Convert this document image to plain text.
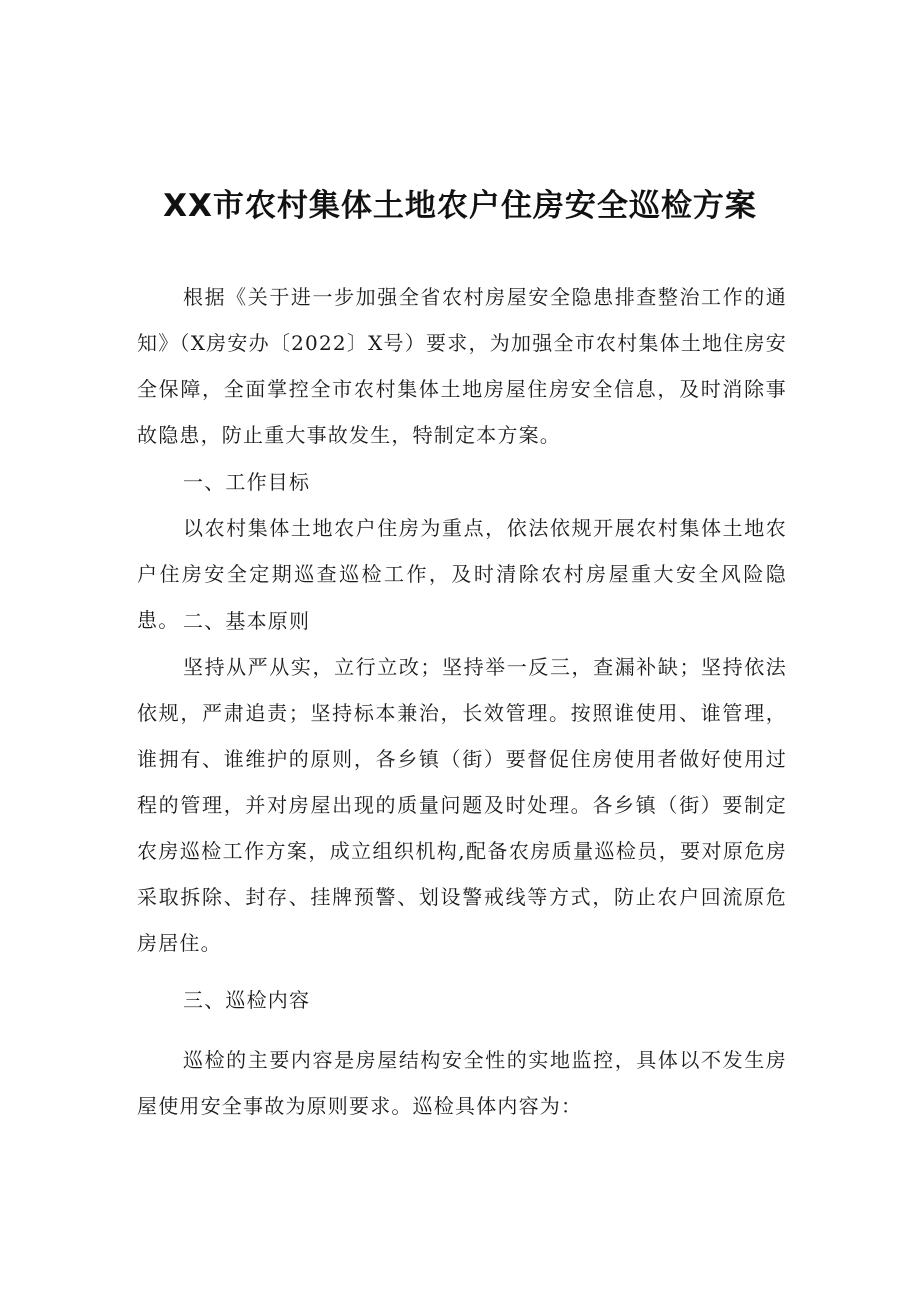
XX市农村集体土地农户住房安全巡检方案

根据《关于进一步加强全省农村房屋安全隐患排查整治工作的通知》（X房安办〔2022〕X号）要求，为加强全市农村集体土地住房安全保障，全面掌控全市农村集体土地房屋住房安全信息，及时消除事故隐患，防止重大事故发生，特制定本方案。

一、工作目标

以农村集体土地农户住房为重点，依法依规开展农村集体土地农户住房安全定期巡查巡检工作，及时清除农村房屋重大安全风险隐患。 二、基本原则

坚持从严从实，立行立改；坚持举一反三，查漏补缺；坚持依法依规，严肃追责；坚持标本兼治，长效管理。按照谁使用、谁管理，谁拥有、谁维护的原则，各乡镇（街）要督促住房使用者做好使用过程的管理，并对房屋出现的质量问题及时处理。各乡镇（街）要制定农房巡检工作方案，成立组织机构,配备农房质量巡检员，要对原危房采取拆除、封存、挂牌预警、划设警戒线等方式，防止农户回流原危房居住。

三、巡检内容

巡检的主要内容是房屋结构安全性的实地监控，具体以不发生房屋使用安全事故为原则要求。巡检具体内容为：
